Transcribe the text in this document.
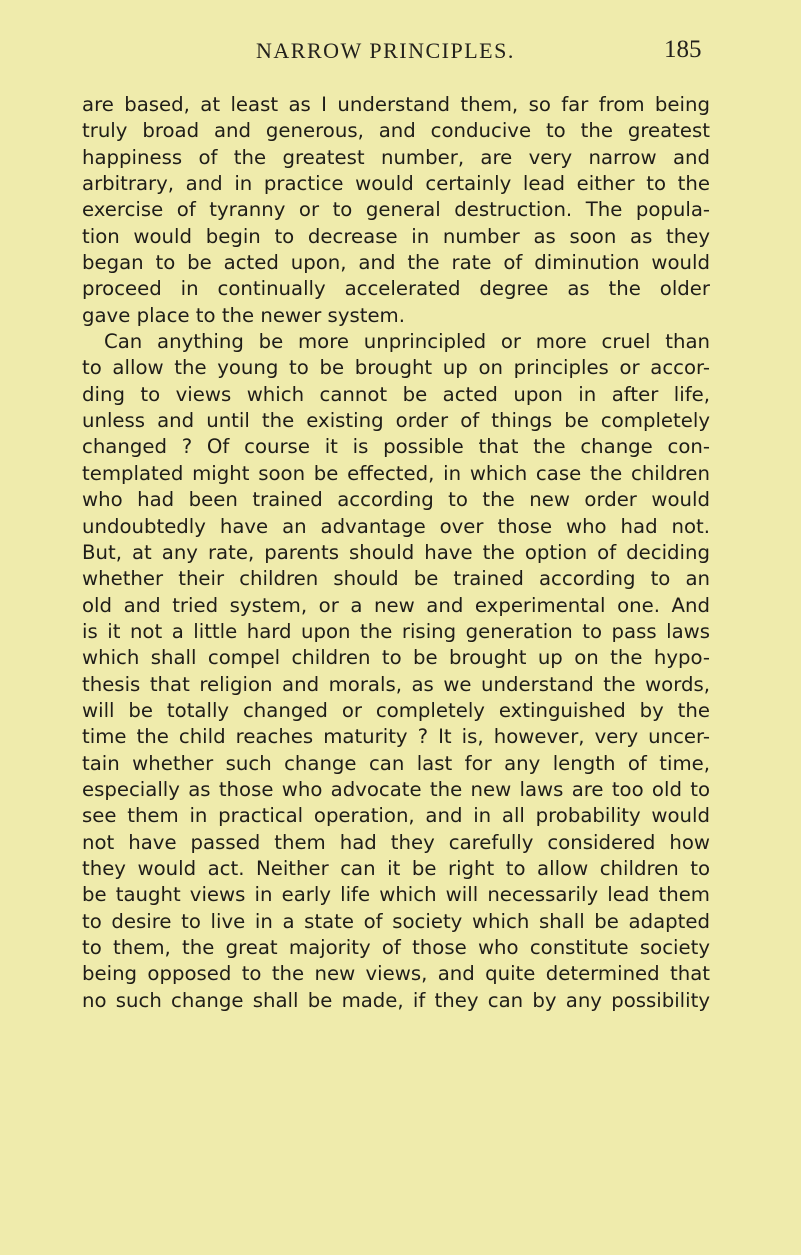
NARROW PRINCIPLES.	185
are based, at least as I understand them, so far from being
truly broad and generous, and conducive to the greatest
happiness of the greatest number, are very narrow and
arbitrary, and in practice would certainly lead either to the
exercise of tyranny or to general destruction. The popula-
tion would begin to decrease in number as soon as they
began to be acted upon, and the rate of diminution would
proceed in continually accelerated degree as the older
gave place to the newer system.
Can anything be more unprincipled or more cruel than
to allow the young to be brought up on principles or accor-
ding to views which cannot be acted upon in after life,
unless and until the existing order of things be completely
changed ? Of course it is possible that the change con-
templated might soon be effected, in which case the children
who had been trained according to the new order would
undoubtedly have an advantage over those who had not.
But, at any rate, parents should have the option of deciding
whether their children should be trained according to an
old and tried system, or a new and experimental one. And
is it not a little hard upon the rising generation to pass laws
which shall compel children to be brought up on the hypo-
thesis that religion and morals, as we understand the words,
will be totally changed or completely extinguished by the
time the child reaches maturity ? It is, however, very uncer-
tain whether such change can last for any length of time,
especially as those who advocate the new laws are too old to
see them in practical operation, and in all probability would
not have passed them had they carefully considered how
they would act. Neither can it be right to allow children to
be taught views in early life which will necessarily lead them
to desire to live in a state of society which shall be adapted
to them, the great majority of those who constitute society
being opposed to the new views, and quite determined that
no such change shall be made, if they can by any possibility
